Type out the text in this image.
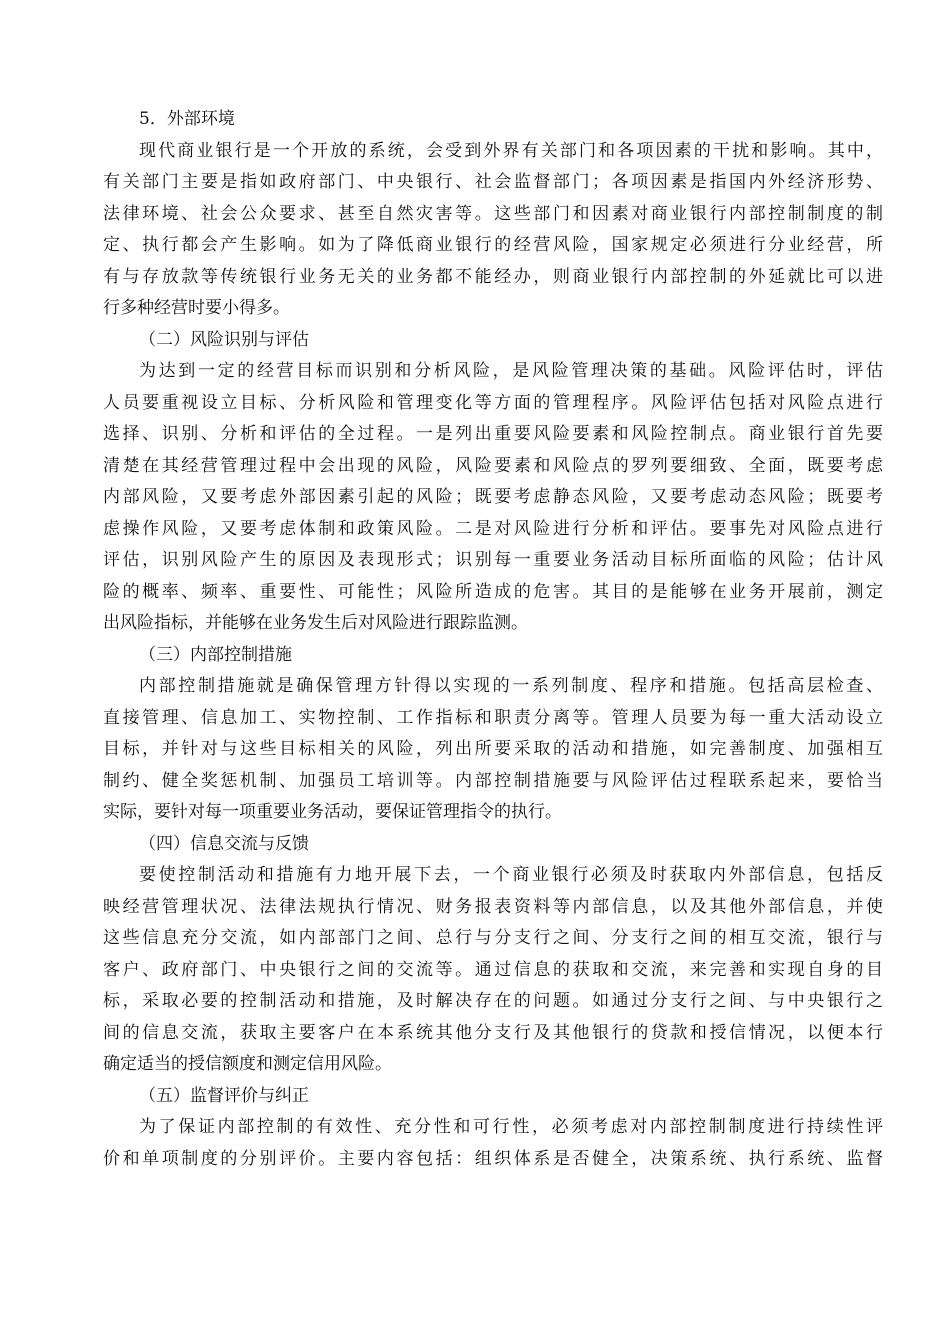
5．外部环境
现代商业银行是一个开放的系统，会受到外界有关部门和各项因素的干扰和影响。其中，
有关部门主要是指如政府部门、中央银行、社会监督部门；各项因素是指国内外经济形势、
法律环境、社会公众要求、甚至自然灾害等。这些部门和因素对商业银行内部控制制度的制
定、执行都会产生影响。如为了降低商业银行的经营风险，国家规定必须进行分业经营，所
有与存放款等传统银行业务无关的业务都不能经办，则商业银行内部控制的外延就比可以进
行多种经营时要小得多。
（二）风险识别与评估
为达到一定的经营目标而识别和分析风险，是风险管理决策的基础。风险评估时，评估
人员要重视设立目标、分析风险和管理变化等方面的管理程序。风险评估包括对风险点进行
选择、识别、分析和评估的全过程。一是列出重要风险要素和风险控制点。商业银行首先要
清楚在其经营管理过程中会出现的风险，风险要素和风险点的罗列要细致、全面，既要考虑
内部风险，又要考虑外部因素引起的风险；既要考虑静态风险，又要考虑动态风险；既要考
虑操作风险，又要考虑体制和政策风险。二是对风险进行分析和评估。要事先对风险点进行
评估，识别风险产生的原因及表现形式；识别每一重要业务活动目标所面临的风险；估计风
险的概率、频率、重要性、可能性；风险所造成的危害。其目的是能够在业务开展前，测定
出风险指标，并能够在业务发生后对风险进行跟踪监测。
（三）内部控制措施
内部控制措施就是确保管理方针得以实现的一系列制度、程序和措施。包括高层检查、
直接管理、信息加工、实物控制、工作指标和职责分离等。管理人员要为每一重大活动设立
目标，并针对与这些目标相关的风险，列出所要采取的活动和措施，如完善制度、加强相互
制约、健全奖惩机制、加强员工培训等。内部控制措施要与风险评估过程联系起来，要恰当
实际，要针对每一项重要业务活动，要保证管理指令的执行。
（四）信息交流与反馈
要使控制活动和措施有力地开展下去，一个商业银行必须及时获取内外部信息，包括反
映经营管理状况、法律法规执行情况、财务报表资料等内部信息，以及其他外部信息，并使
这些信息充分交流，如内部部门之间、总行与分支行之间、分支行之间的相互交流，银行与
客户、政府部门、中央银行之间的交流等。通过信息的获取和交流，来完善和实现自身的目
标，采取必要的控制活动和措施，及时解决存在的问题。如通过分支行之间、与中央银行之
间的信息交流，获取主要客户在本系统其他分支行及其他银行的贷款和授信情况，以便本行
确定适当的授信额度和测定信用风险。
（五）监督评价与纠正
为了保证内部控制的有效性、充分性和可行性，必须考虑对内部控制制度进行持续性评
价和单项制度的分别评价。主要内容包括：组织体系是否健全，决策系统、执行系统、监督
